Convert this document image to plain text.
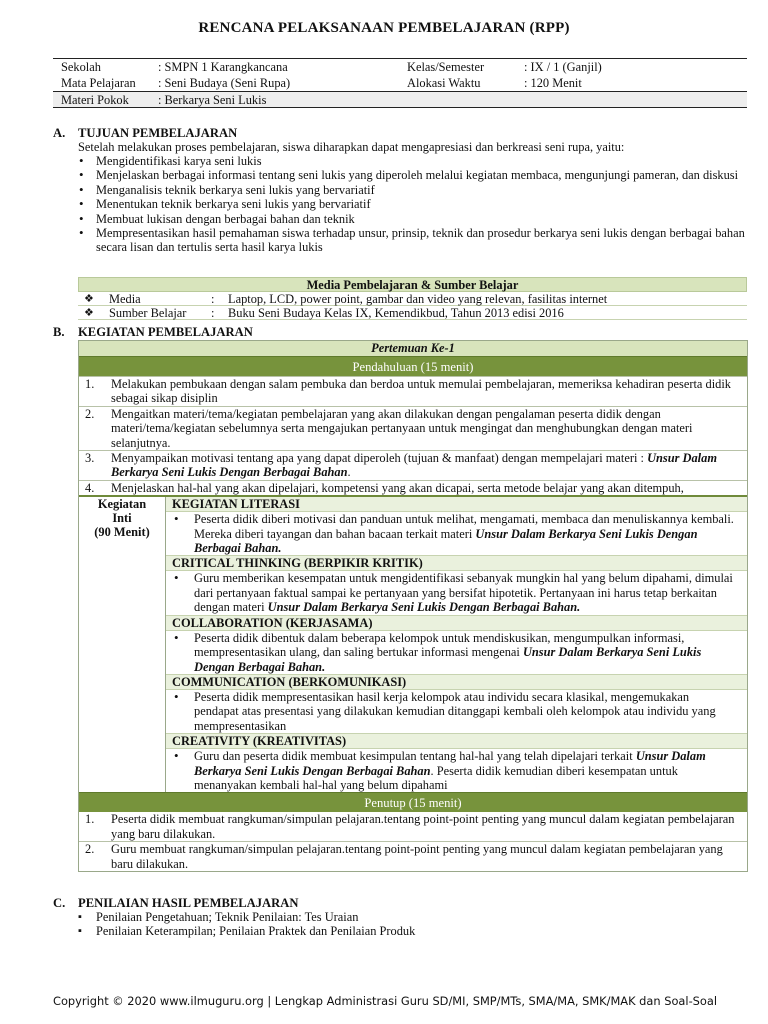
RENCANA PELAKSANAAN PEMBELAJARAN (RPP)
Sekolah	: SMPN 1 Karangkancana	Kelas/Semester	: IX / 1 (Ganjil)
Mata Pelajaran	: Seni Budaya (Seni Rupa)	Alokasi Waktu	: 120 Menit
Materi Pokok	: Berkarya Seni Lukis
A. TUJUAN PEMBELAJARAN
Setelah melakukan proses pembelajaran, siswa diharapkan dapat mengapresiasi dan berkreasi seni rupa, yaitu:
• Mengidentifikasi karya seni lukis
• Menjelaskan berbagai informasi tentang seni lukis yang diperoleh melalui kegiatan membaca, mengunjungi pameran, dan diskusi
• Menganalisis teknik berkarya seni lukis yang bervariatif
• Menentukan teknik berkarya seni lukis yang bervariatif
• Membuat lukisan dengan berbagai bahan dan teknik
• Mempresentasikan hasil pemahaman siswa terhadap unsur, prinsip, teknik dan prosedur berkarya seni lukis dengan berbagai bahan secara lisan dan tertulis serta hasil karya lukis
Media Pembelajaran & Sumber Belajar
❖	Media	:	Laptop, LCD, power point, gambar dan video yang relevan, fasilitas internet
❖	Sumber Belajar	:	Buku Seni Budaya Kelas IX, Kemendikbud, Tahun 2013 edisi 2016
B. KEGIATAN PEMBELAJARAN
Pertemuan Ke-1
Pendahuluan (15 menit)
1.	Melakukan pembukaan dengan salam pembuka dan berdoa untuk memulai pembelajaran, memeriksa kehadiran peserta didik sebagai sikap disiplin
2.	Mengaitkan materi/tema/kegiatan pembelajaran yang akan dilakukan dengan pengalaman peserta didik dengan materi/tema/kegiatan sebelumnya serta mengajukan pertanyaan untuk mengingat dan menghubungkan dengan materi selanjutnya.
3.	Menyampaikan motivasi tentang apa yang dapat diperoleh (tujuan & manfaat) dengan mempelajari materi : Unsur Dalam Berkarya Seni Lukis Dengan Berbagai Bahan.
4.	Menjelaskan hal-hal yang akan dipelajari, kompetensi yang akan dicapai, serta metode belajar yang akan ditempuh,
Kegiatan
Inti
(90 Menit)
KEGIATAN LITERASI
• Peserta didik diberi motivasi dan panduan untuk melihat, mengamati, membaca dan menuliskannya kembali. Mereka diberi tayangan dan bahan bacaan terkait materi Unsur Dalam Berkarya Seni Lukis Dengan Berbagai Bahan.
CRITICAL THINKING (BERPIKIR KRITIK)
• Guru memberikan kesempatan untuk mengidentifikasi sebanyak mungkin hal yang belum dipahami, dimulai dari pertanyaan faktual sampai ke pertanyaan yang bersifat hipotetik. Pertanyaan ini harus tetap berkaitan dengan materi Unsur Dalam Berkarya Seni Lukis Dengan Berbagai Bahan.
COLLABORATION (KERJASAMA)
• Peserta didik dibentuk dalam beberapa kelompok untuk mendiskusikan, mengumpulkan informasi, mempresentasikan ulang, dan saling bertukar informasi mengenai Unsur Dalam Berkarya Seni Lukis Dengan Berbagai Bahan.
COMMUNICATION (BERKOMUNIKASI)
• Peserta didik mempresentasikan hasil kerja kelompok atau individu secara klasikal, mengemukakan pendapat atas presentasi yang dilakukan kemudian ditanggapi kembali oleh kelompok atau individu yang mempresentasikan
CREATIVITY (KREATIVITAS)
• Guru dan peserta didik membuat kesimpulan tentang hal-hal yang telah dipelajari terkait Unsur Dalam Berkarya Seni Lukis Dengan Berbagai Bahan. Peserta didik kemudian diberi kesempatan untuk menanyakan kembali hal-hal yang belum dipahami
Penutup (15 menit)
1.	Peserta didik membuat rangkuman/simpulan pelajaran.tentang point-point penting yang muncul dalam kegiatan pembelajaran yang baru dilakukan.
2.	Guru membuat rangkuman/simpulan pelajaran.tentang point-point penting yang muncul dalam kegiatan pembelajaran yang baru dilakukan.
C. PENILAIAN HASIL PEMBELAJARAN
▪ Penilaian Pengetahuan; Teknik Penilaian: Tes Uraian
▪ Penilaian Keterampilan; Penilaian Praktek dan Penilaian Produk
Copyright © 2020 www.ilmuguru.org | Lengkap Administrasi Guru SD/MI, SMP/MTs, SMA/MA, SMK/MAK dan Soal-Soal
